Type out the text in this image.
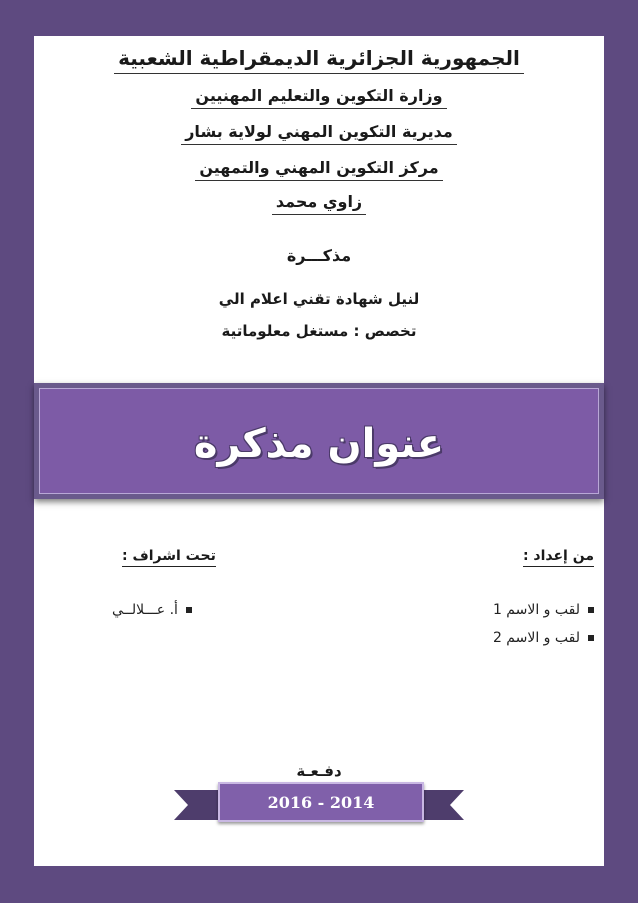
الجمهورية الجزائرية الديمقراطية الشعبية
وزارة التكوين والتعليم المهنيين
مديرية التكوين المهني لولاية بشار
مركز التكوين المهني والتمهين
زاوي محمد
مذكـــرة
لنيل شهادة تقني اعلام الي
تخصص : مستغل معلوماتية
عنوان مذكرة
من إعداد :
تحت اشراف :
لقب و الاسم 1
لقب و الاسم 2
أ. عـــلالــي
دفـعـة
2016 - 2014
